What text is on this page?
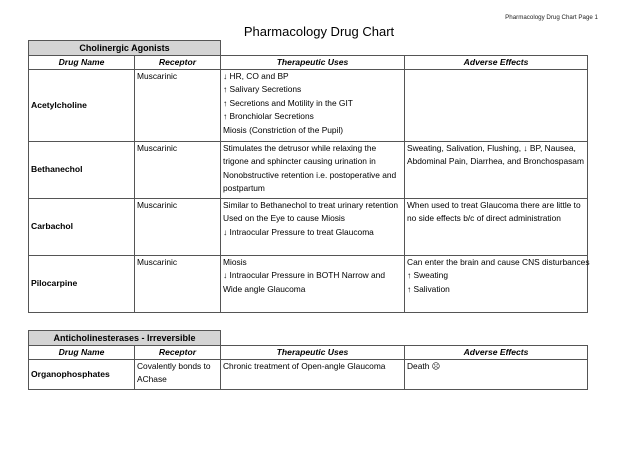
Pharmacology Drug Chart Page 1
Pharmacology Drug Chart
Cholinergic Agonists			
Drug Name	Receptor	Therapeutic Uses	Adverse Effects
Acetylcholine	Muscarinic	↓ HR, CO and BP
↑ Salivary Secretions
↑ Secretions and Motility in the GIT
↑ Bronchiolar Secretions
Miosis (Constriction of the Pupil)	

Bethanechol	Muscarinic	Stimulates the detrusor while relaxing the
trigone and sphincter causing urination in
Nonobstructive retention i.e. postoperative and
postpartum	Sweating, Salivation, Flushing, ↓ BP, Nausea,
Abdominal Pain, Diarrhea, and Bronchospasam

Carbachol	Muscarinic	Similar to Bethanechol to treat urinary retention
Used on the Eye to cause Miosis
↓ Intraocular Pressure to treat Glaucoma	When used to treat Glaucoma there are little to
no side effects b/c of direct administration

Pilocarpine	Muscarinic	Miosis
↓ Intraocular Pressure in BOTH Narrow and
Wide angle Glaucoma	Can enter the brain and cause CNS disturbances
↑ Sweating
↑ Salivation
Anticholinesterases - Irreversible			
Drug Name	Receptor	Therapeutic Uses	Adverse Effects
Organophosphates	Covalently bonds to
AChase	Chronic treatment of Open-angle Glaucoma	Death ☹
